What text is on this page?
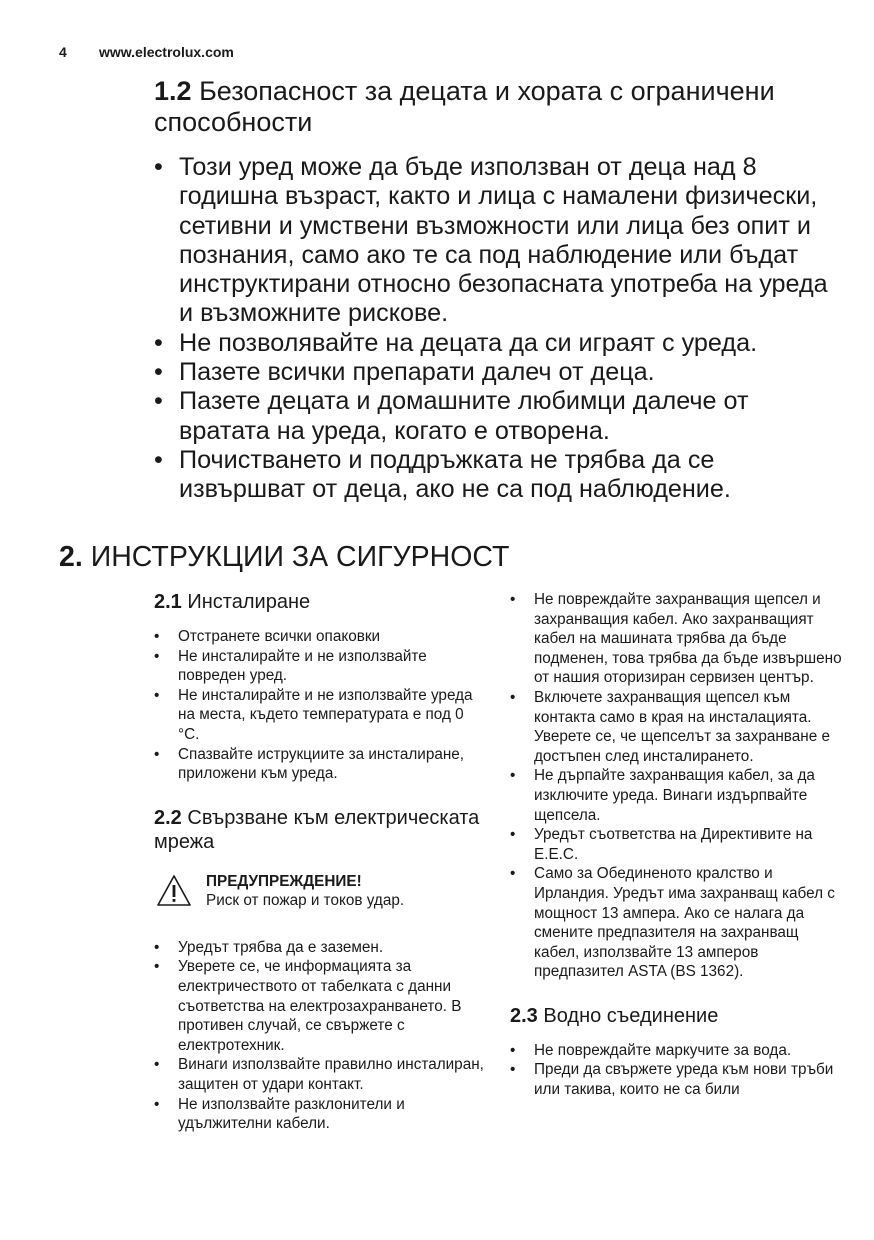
4 www.electrolux.com
1.2 Безопасност за децата и хората с ограничени способности
• Този уред може да бъде използван от деца над 8 годишна възраст, както и лица с намалени физически, сетивни и умствени възможности или лица без опит и познания, само ако те са под наблюдение или бъдат инструктирани относно безопасната употреба на уреда и възможните рискове.
• Не позволявайте на децата да си играят с уреда.
• Пазете всички препарати далеч от деца.
• Пазете децата и домашните любимци далече от вратата на уреда, когато е отворена.
• Почистването и поддръжката не трябва да се извършват от деца, ако не са под наблюдение.
2. ИНСТРУКЦИИ ЗА СИГУРНОСТ
2.1 Инсталиране
• Отстранете всички опаковки
• Не инсталирайте и не използвайте повреден уред.
• Не инсталирайте и не използвайте уреда на места, където температурата е под 0 °C.
• Спазвайте иструкциите за инсталиране, приложени към уреда.
2.2 Свързване към електрическата мрежа
ПРЕДУПРЕЖДЕНИЕ!
Риск от пожар и токов удар.
• Уредът трябва да е заземен.
• Уверете се, че информацията за електричеството от табелката с данни съответства на електрозахранването. В противен случай, се свържете с електротехник.
• Винаги използвайте правилно инсталиран, защитен от удари контакт.
• Не използвайте разклонители и удължителни кабели.
• Не повреждайте захранващия щепсел и захранващия кабел. Ако захранващият кабел на машината трябва да бъде подменен, това трябва да бъде извършено от нашия оторизиран сервизен център.
• Включете захранващия щепсел към контакта само в края на инсталацията. Уверете се, че щепселът за захранване е достъпен след инсталирането.
• Не дърпайте захранващия кабел, за да изключите уреда. Винаги издърпвайте щепсела.
• Уредът съответства на Директивите на Е.Е.С.
• Само за Обединеното кралство и Ирландия. Уредът има захранващ кабел с мощност 13 ампера. Ако се налага да смените предпазителя на захранващ кабел, използвайте 13 амперов предпазител ASTA (BS 1362).
2.3 Водно съединение
• Не повреждайте маркучите за вода.
• Преди да свържете уреда към нови тръби или такива, които не са били
